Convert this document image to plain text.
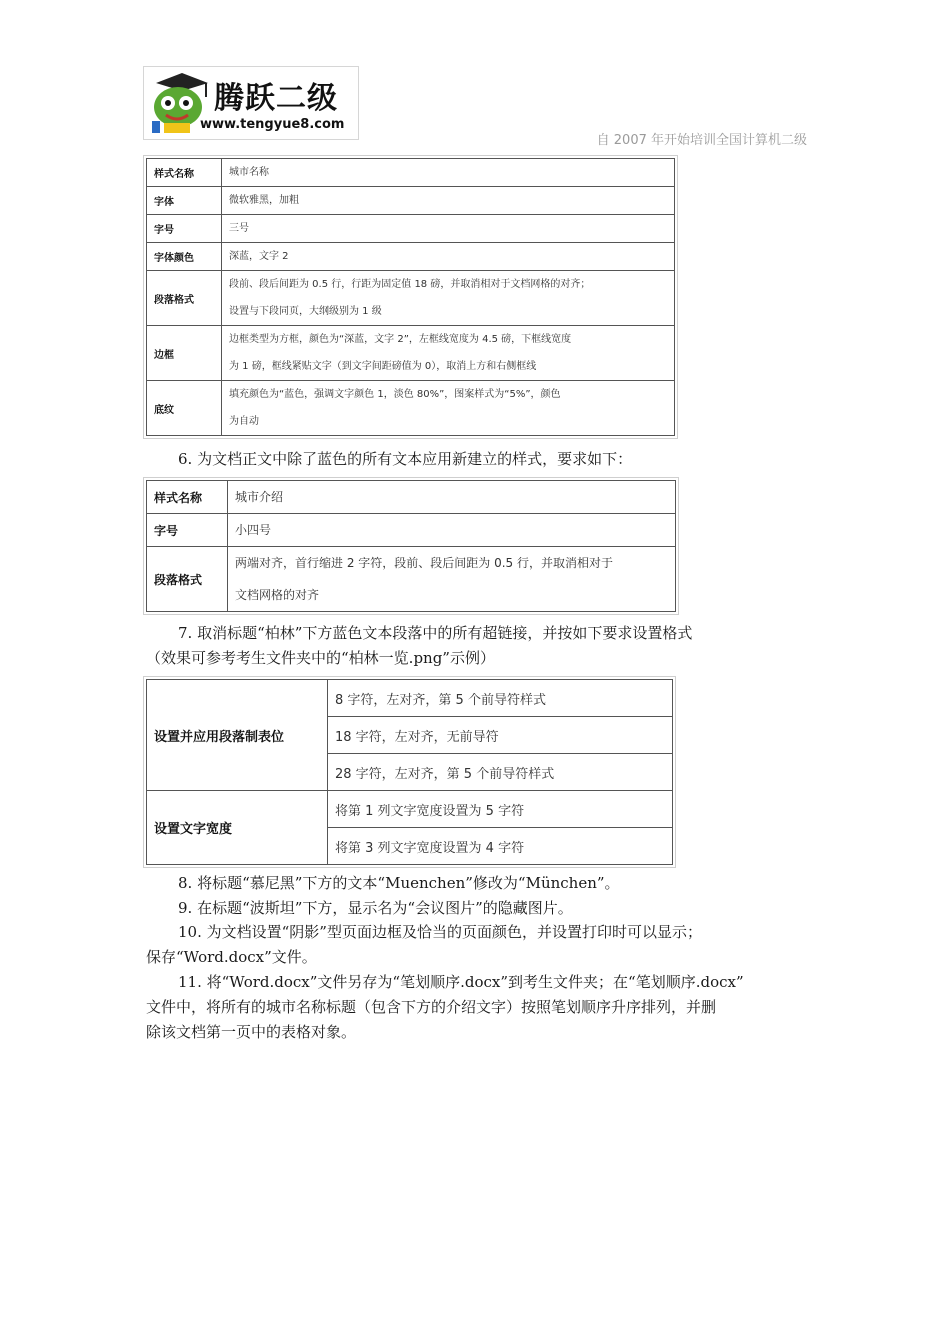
腾跃二级
www.tengyue8.com
自 2007 年开始培训全国计算机二级
样式名称	城市名称

字体	微软雅黑，加粗

字号	三号

字体颜色	深蓝，文字 2

段落格式	段前、段后间距为 0.5 行，行距为固定值 18 磅，并取消相对于文档网格的对齐；
设置与下段同页，大纲级别为 1 级

边框	边框类型为方框，颜色为“深蓝，文字 2”，左框线宽度为 4.5 磅，下框线宽度
为 1 磅，框线紧贴文字（到文字间距磅值为 0），取消上方和右侧框线

底纹	填充颜色为“蓝色，强调文字颜色 1，淡色 80%”，图案样式为“5%”，颜色
为自动
6. 为文档正文中除了蓝色的所有文本应用新建立的样式，要求如下：
样式名称	城市介绍

字号	小四号

段落格式	两端对齐，首行缩进 2 字符，段前、段后间距为 0.5 行，并取消相对于
文档网格的对齐
7. 取消标题“柏林”下方蓝色文本段落中的所有超链接，并按如下要求设置格式
（效果可参考考生文件夹中的“柏林一览.png”示例）
设置并应用段落制表位	8 字符，左对齐，第 5 个前导符样式
	18 字符，左对齐，无前导符
	28 字符，左对齐，第 5 个前导符样式
设置文字宽度	将第 1 列文字宽度设置为 5 字符
	将第 3 列文字宽度设置为 4 字符
8. 将标题“慕尼黑”下方的文本“Muenchen”修改为“München”。
9. 在标题“波斯坦”下方，显示名为“会议图片”的隐藏图片。
10. 为文档设置“阴影”型页面边框及恰当的页面颜色，并设置打印时可以显示；
保存“Word.docx”文件。
11. 将“Word.docx”文件另存为“笔划顺序.docx”到考生文件夹；在“笔划顺序.docx”
文件中，将所有的城市名称标题（包含下方的介绍文字）按照笔划顺序升序排列，并删
除该文档第一页中的表格对象。
